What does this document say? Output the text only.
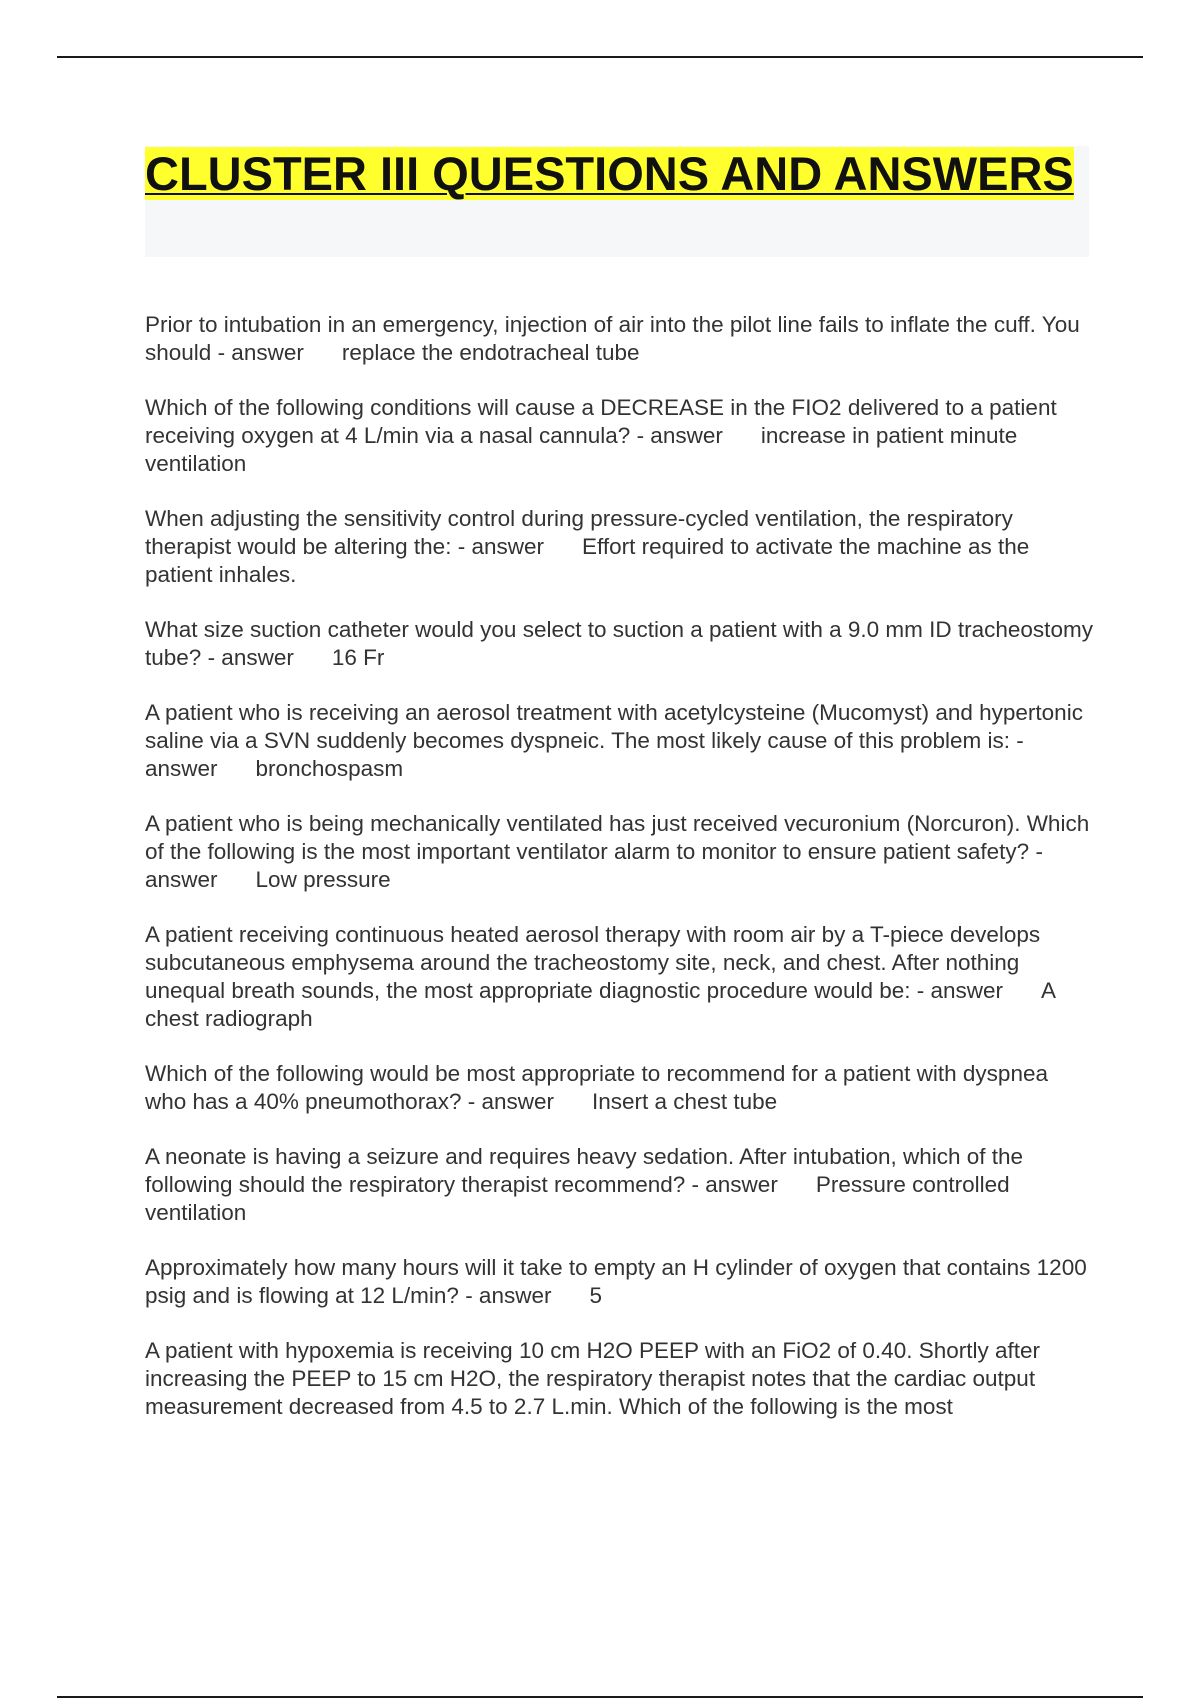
CLUSTER III QUESTIONS AND ANSWERS
Prior to intubation in an emergency, injection of air into the pilot line fails to inflate the cuff. You should - answer replace the endotracheal tube
Which of the following conditions will cause a DECREASE in the FIO2 delivered to a patient receiving oxygen at 4 L/min via a nasal cannula? - answer increase in patient minute ventilation
When adjusting the sensitivity control during pressure-cycled ventilation, the respiratory therapist would be altering the: - answer Effort required to activate the machine as the patient inhales.
What size suction catheter would you select to suction a patient with a 9.0 mm ID tracheostomy tube? - answer 16 Fr
A patient who is receiving an aerosol treatment with acetylcysteine (Mucomyst) and hypertonic saline via a SVN suddenly becomes dyspneic. The most likely cause of this problem is: - answer bronchospasm
A patient who is being mechanically ventilated has just received vecuronium (Norcuron). Which of the following is the most important ventilator alarm to monitor to ensure patient safety? - answer Low pressure
A patient receiving continuous heated aerosol therapy with room air by a T-piece develops subcutaneous emphysema around the tracheostomy site, neck, and chest. After nothing unequal breath sounds, the most appropriate diagnostic procedure would be: - answer A chest radiograph
Which of the following would be most appropriate to recommend for a patient with dyspnea who has a 40% pneumothorax? - answer Insert a chest tube
A neonate is having a seizure and requires heavy sedation. After intubation, which of the following should the respiratory therapist recommend? - answer Pressure controlled ventilation
Approximately how many hours will it take to empty an H cylinder of oxygen that contains 1200 psig and is flowing at 12 L/min? - answer 5
A patient with hypoxemia is receiving 10 cm H2O PEEP with an FiO2 of 0.40. Shortly after increasing the PEEP to 15 cm H2O, the respiratory therapist notes that the cardiac output measurement decreased from 4.5 to 2.7 L.min. Which of the following is the most
